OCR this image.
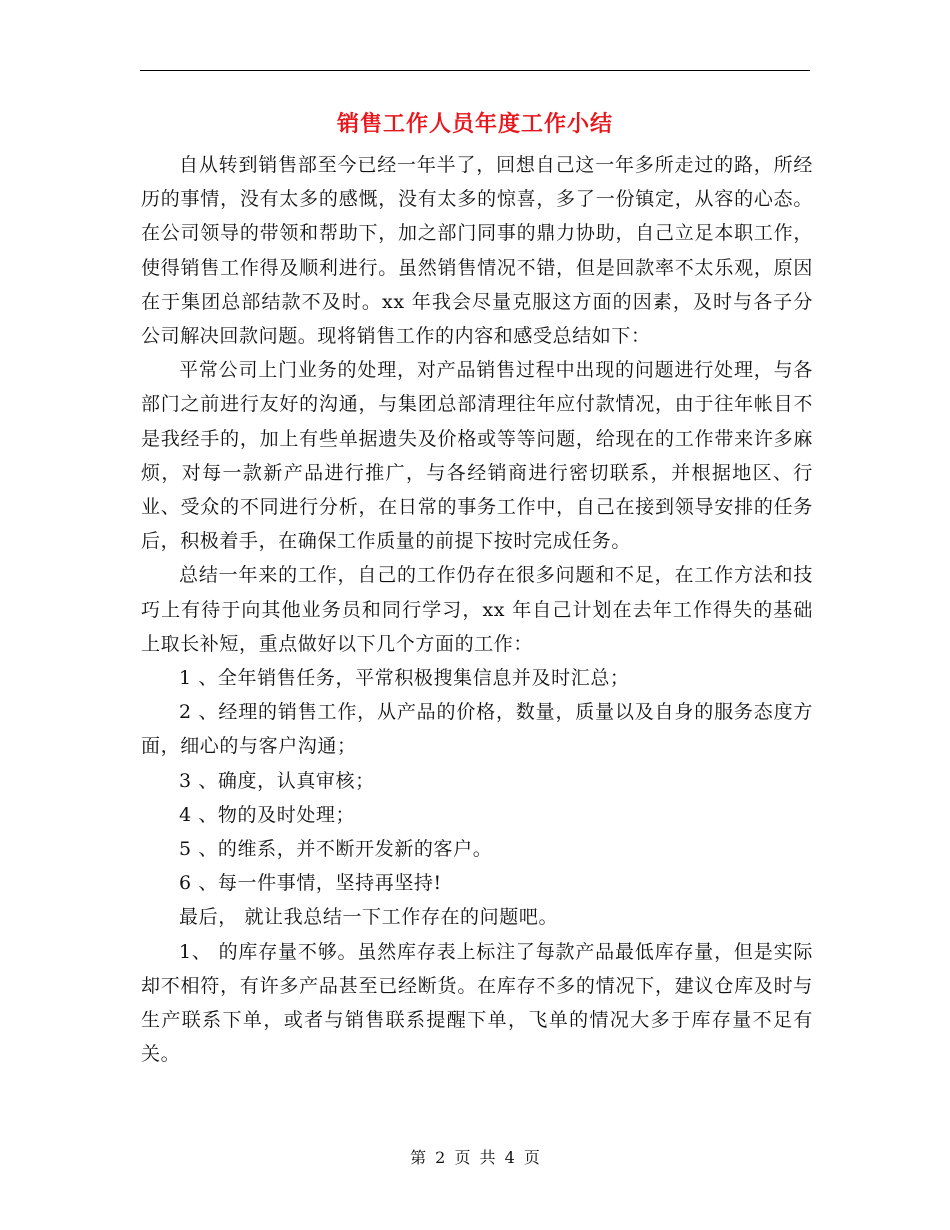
销售工作人员年度工作小结

自从转到销售部至今已经一年半了，回想自己这一年多所走过的路，所经历的事情，没有太多的感慨，没有太多的惊喜，多了一份镇定，从容的心态。在公司领导的带领和帮助下，加之部门同事的鼎力协助，自己立足本职工作，使得销售工作得及顺利进行。虽然销售情况不错，但是回款率不太乐观，原因在于集团总部结款不及时。xx 年我会尽量克服这方面的因素，及时与各子分公司解决回款问题。现将销售工作的内容和感受总结如下：

平常公司上门业务的处理，对产品销售过程中出现的问题进行处理，与各部门之前进行友好的沟通，与集团总部清理往年应付款情况，由于往年帐目不是我经手的，加上有些单据遗失及价格或等等问题，给现在的工作带来许多麻烦，对每一款新产品进行推广，与各经销商进行密切联系，并根据地区、行业、受众的不同进行分析，在日常的事务工作中，自己在接到领导安排的任务后，积极着手，在确保工作质量的前提下按时完成任务。

总结一年来的工作，自己的工作仍存在很多问题和不足，在工作方法和技巧上有待于向其他业务员和同行学习，xx 年自己计划在去年工作得失的基础上取长补短，重点做好以下几个方面的工作：

1 、全年销售任务，平常积极搜集信息并及时汇总；

2 、经理的销售工作，从产品的价格，数量，质量以及自身的服务态度方面，细心的与客户沟通；

3 、确度，认真审核；

4 、物的及时处理；

5 、的维系，并不断开发新的客户。

6 、每一件事情，坚持再坚持!

最后， 就让我总结一下工作存在的问题吧。

1、 的库存量不够。虽然库存表上标注了每款产品最低库存量，但是实际却不相符，有许多产品甚至已经断货。在库存不多的情况下，建议仓库及时与生产联系下单，或者与销售联系提醒下单，飞单的情况大多于库存量不足有关。

第 2 页 共 4 页
